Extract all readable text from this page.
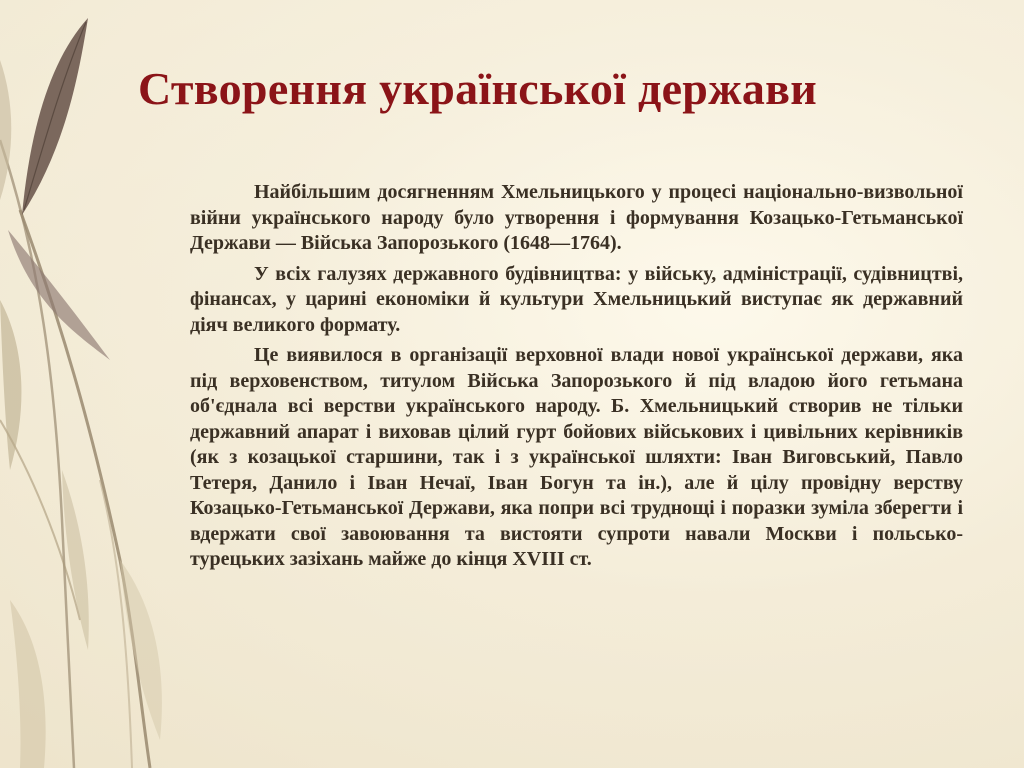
Створення української держави

Найбільшим досягненням Хмельницького у процесі національно-визвольної війни українського народу було утворення і формування Козацько-Гетьманської Держави — Війська Запорозького (1648—1764).

У всіх галузях державного будівництва: у війську, адміністрації, судівництві, фінансах, у царині економіки й культури Хмельницький виступає як державний діяч великого формату.

Це виявилося в організації верховної влади нової української держави, яка під верховенством, титулом Війська Запорозького й під владою його гетьмана об'єднала всі верстви українського народу. Б. Хмельницький створив не тільки державний апарат і виховав цілий гурт бойових військових і цивільних керівників (як з козацької старшини, так і з української шляхти: Іван Виговський, Павло Тетеря, Данило і Іван Нечаї, Іван Богун та ін.), але й цілу провідну верству Козацько-Гетьманської Держави, яка попри всі труднощі і поразки зуміла зберегти і вдержати свої завоювання та вистояти супроти навали Москви і польсько-турецьких зазіхань майже до кінця XVIII ст.
